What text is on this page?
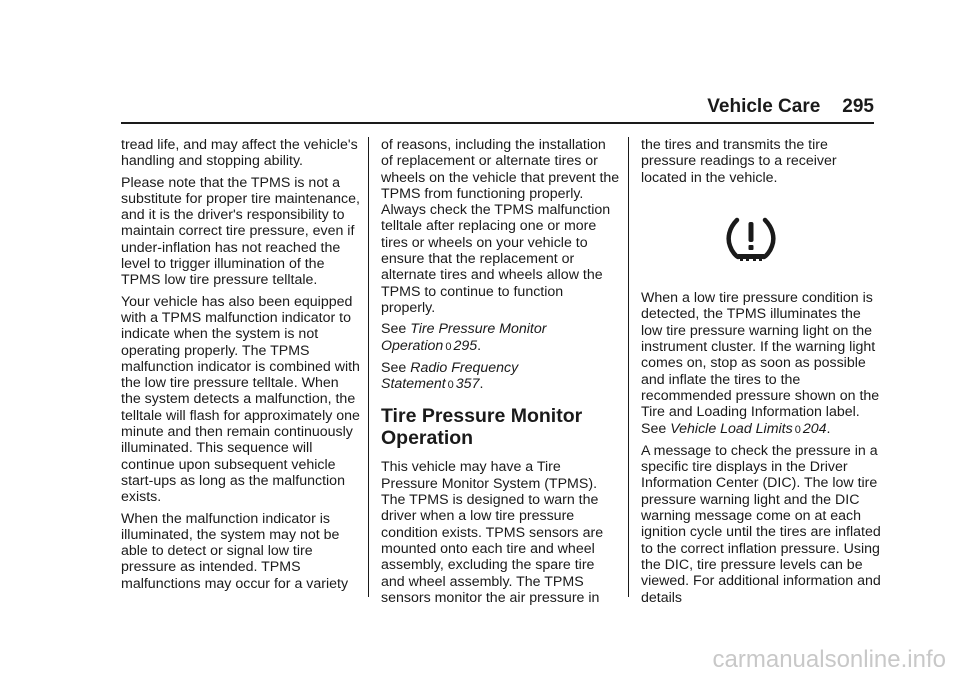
Vehicle Care 295

tread life, and may affect the vehicle's handling and stopping ability.

Please note that the TPMS is not a substitute for proper tire maintenance, and it is the driver's responsibility to maintain correct tire pressure, even if under-inflation has not reached the level to trigger illumination of the TPMS low tire pressure telltale.

Your vehicle has also been equipped with a TPMS malfunction indicator to indicate when the system is not operating properly. The TPMS malfunction indicator is combined with the low tire pressure telltale. When the system detects a malfunction, the telltale will flash for approximately one minute and then remain continuously illuminated. This sequence will continue upon subsequent vehicle start-ups as long as the malfunction exists.

When the malfunction indicator is illuminated, the system may not be able to detect or signal low tire pressure as intended. TPMS malfunctions may occur for a variety

of reasons, including the installation of replacement or alternate tires or wheels on the vehicle that prevent the TPMS from functioning properly. Always check the TPMS malfunction telltale after replacing one or more tires or wheels on your vehicle to ensure that the replacement or alternate tires and wheels allow the TPMS to continue to function properly.

See Tire Pressure Monitor Operation 0 295.

See Radio Frequency Statement 0 357.

Tire Pressure Monitor Operation

This vehicle may have a Tire Pressure Monitor System (TPMS). The TPMS is designed to warn the driver when a low tire pressure condition exists. TPMS sensors are mounted onto each tire and wheel assembly, excluding the spare tire and wheel assembly. The TPMS sensors monitor the air pressure in

the tires and transmits the tire pressure readings to a receiver located in the vehicle.

When a low tire pressure condition is detected, the TPMS illuminates the low tire pressure warning light on the instrument cluster. If the warning light comes on, stop as soon as possible and inflate the tires to the recommended pressure shown on the Tire and Loading Information label. See Vehicle Load Limits 0 204.

A message to check the pressure in a specific tire displays in the Driver Information Center (DIC). The low tire pressure warning light and the DIC warning message come on at each ignition cycle until the tires are inflated to the correct inflation pressure. Using the DIC, tire pressure levels can be viewed. For additional information and details

carmanualsonline.info
